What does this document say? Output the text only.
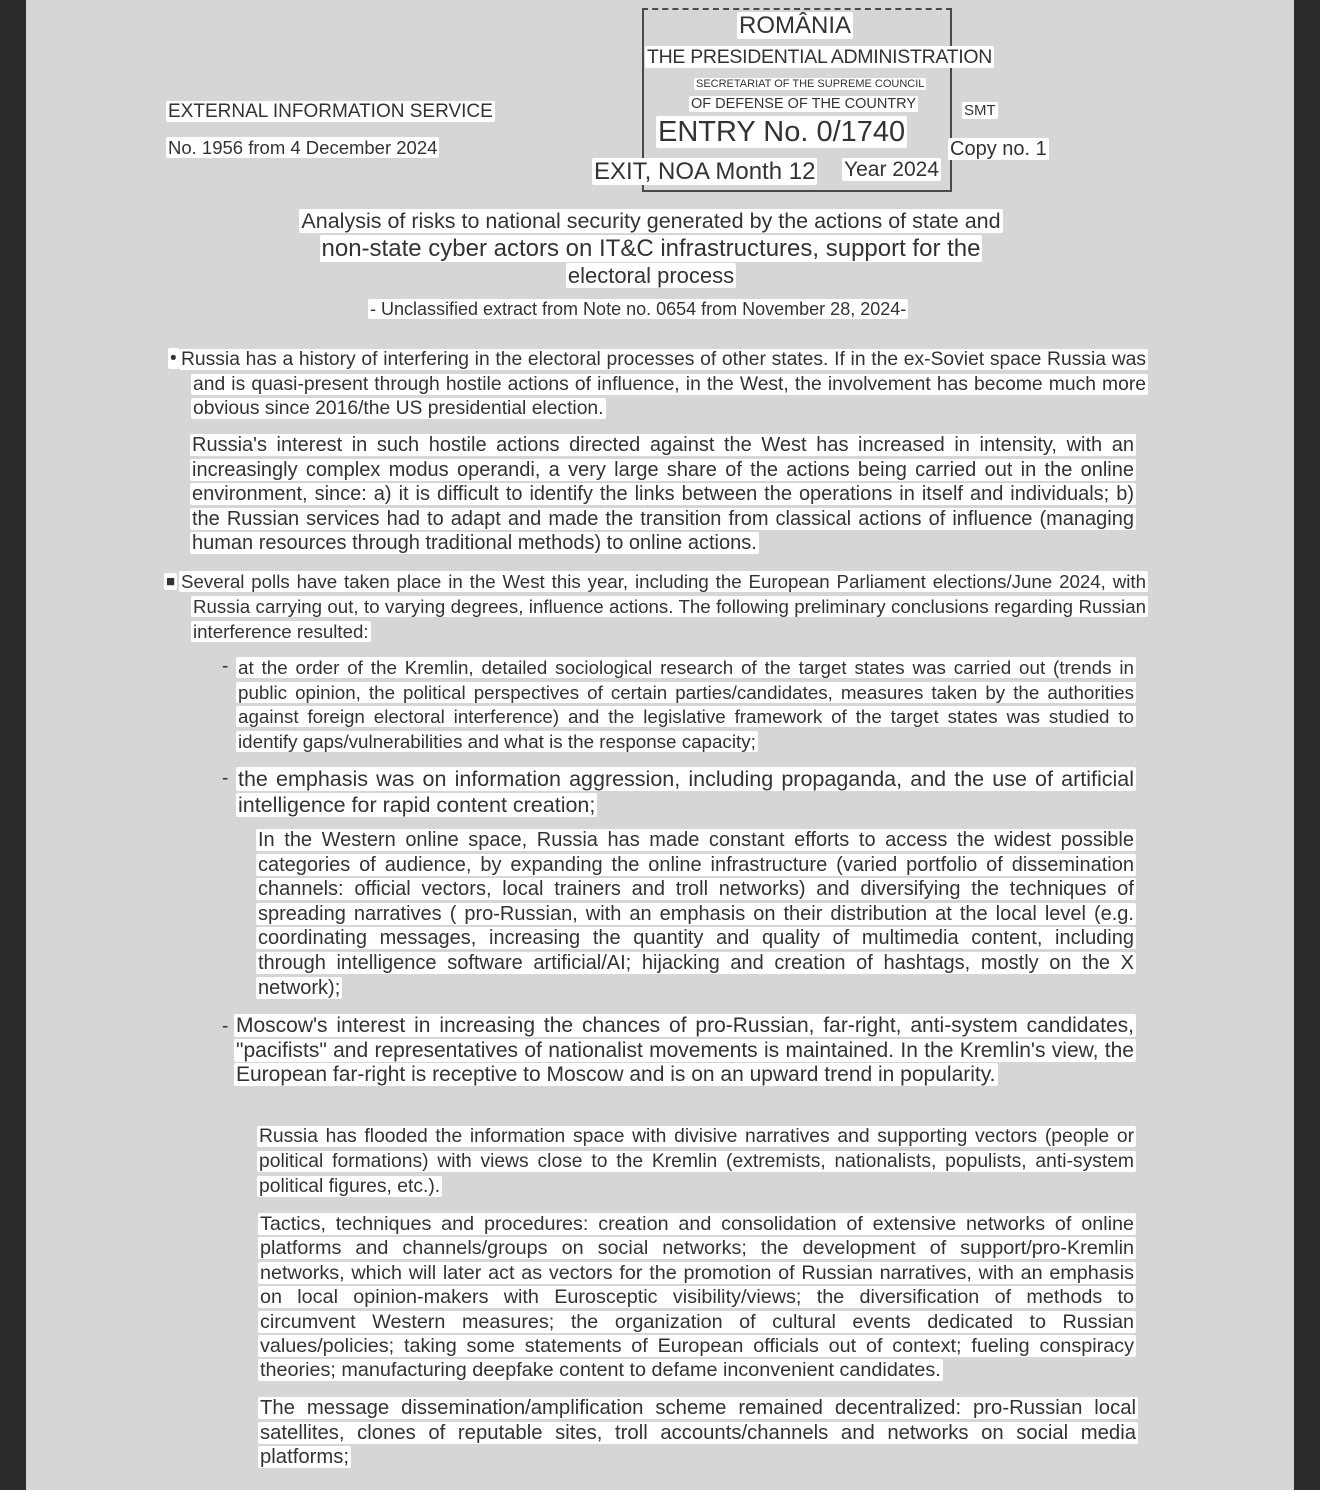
EXTERNAL INFORMATION SERVICE
No. 1956 from 4 December 2024
ROMÂNIA
THE PRESIDENTIAL ADMINISTRATION
SECRETARIAT OF THE SUPREME COUNCIL
OF DEFENSE OF THE COUNTRY
ENTRY No. 0/1740
EXIT, NOA Month 12 Year 2024
SMT
Copy no. 1

Analysis of risks to national security generated by the actions of state and

non-state cyber actors on IT&C infrastructures, support for the

electoral process

- Unclassified extract from Note no. 0654 from November 28, 2024-
• Russia has a history of interfering in the electoral processes of other states. If in the ex-Soviet space Russia was and is quasi-present through hostile actions of influence, in the West, the involvement has become much more obvious since 2016/the US presidential election.

Russia's interest in such hostile actions directed against the West has increased in intensity, with an increasingly complex modus operandi, a very large share of the actions being carried out in the online environment, since: a) it is difficult to identify the links between the operations in itself and individuals; b) the Russian services had to adapt and made the transition from classical actions of influence (managing human resources through traditional methods) to online actions.

■ Several polls have taken place in the West this year, including the European Parliament elections/June 2024, with Russia carrying out, to varying degrees, influence actions. The following preliminary conclusions regarding Russian interference resulted:

- at the order of the Kremlin, detailed sociological research of the target states was carried out (trends in public opinion, the political perspectives of certain parties/candidates, measures taken by the authorities against foreign electoral interference) and the legislative framework of the target states was studied to identify gaps/vulnerabilities and what is the response capacity;

- the emphasis was on information aggression, including propaganda, and the use of artificial intelligence for rapid content creation;

In the Western online space, Russia has made constant efforts to access the widest possible categories of audience, by expanding the online infrastructure (varied portfolio of dissemination channels: official vectors, local trainers and troll networks) and diversifying the techniques of spreading narratives ( pro-Russian, with an emphasis on their distribution at the local level (e.g. coordinating messages, increasing the quantity and quality of multimedia content, including through intelligence software artificial/AI; hijacking and creation of hashtags, mostly on the X network);

- Moscow's interest in increasing the chances of pro-Russian, far-right, anti-system candidates, "pacifists" and representatives of nationalist movements is maintained. In the Kremlin's view, the European far-right is receptive to Moscow and is on an upward trend in popularity.

Russia has flooded the information space with divisive narratives and supporting vectors (people or political formations) with views close to the Kremlin (extremists, nationalists, populists, anti-system political figures, etc.).

Tactics, techniques and procedures: creation and consolidation of extensive networks of online platforms and channels/groups on social networks; the development of support/pro-Kremlin networks, which will later act as vectors for the promotion of Russian narratives, with an emphasis on local opinion-makers with Eurosceptic visibility/views; the diversification of methods to circumvent Western measures; the organization of cultural events dedicated to Russian values/policies; taking some statements of European officials out of context; fueling conspiracy theories; manufacturing deepfake content to defame inconvenient candidates.

The message dissemination/amplification scheme remained decentralized: pro-Russian local satellites, clones of reputable sites, troll accounts/channels and networks on social media platforms;
